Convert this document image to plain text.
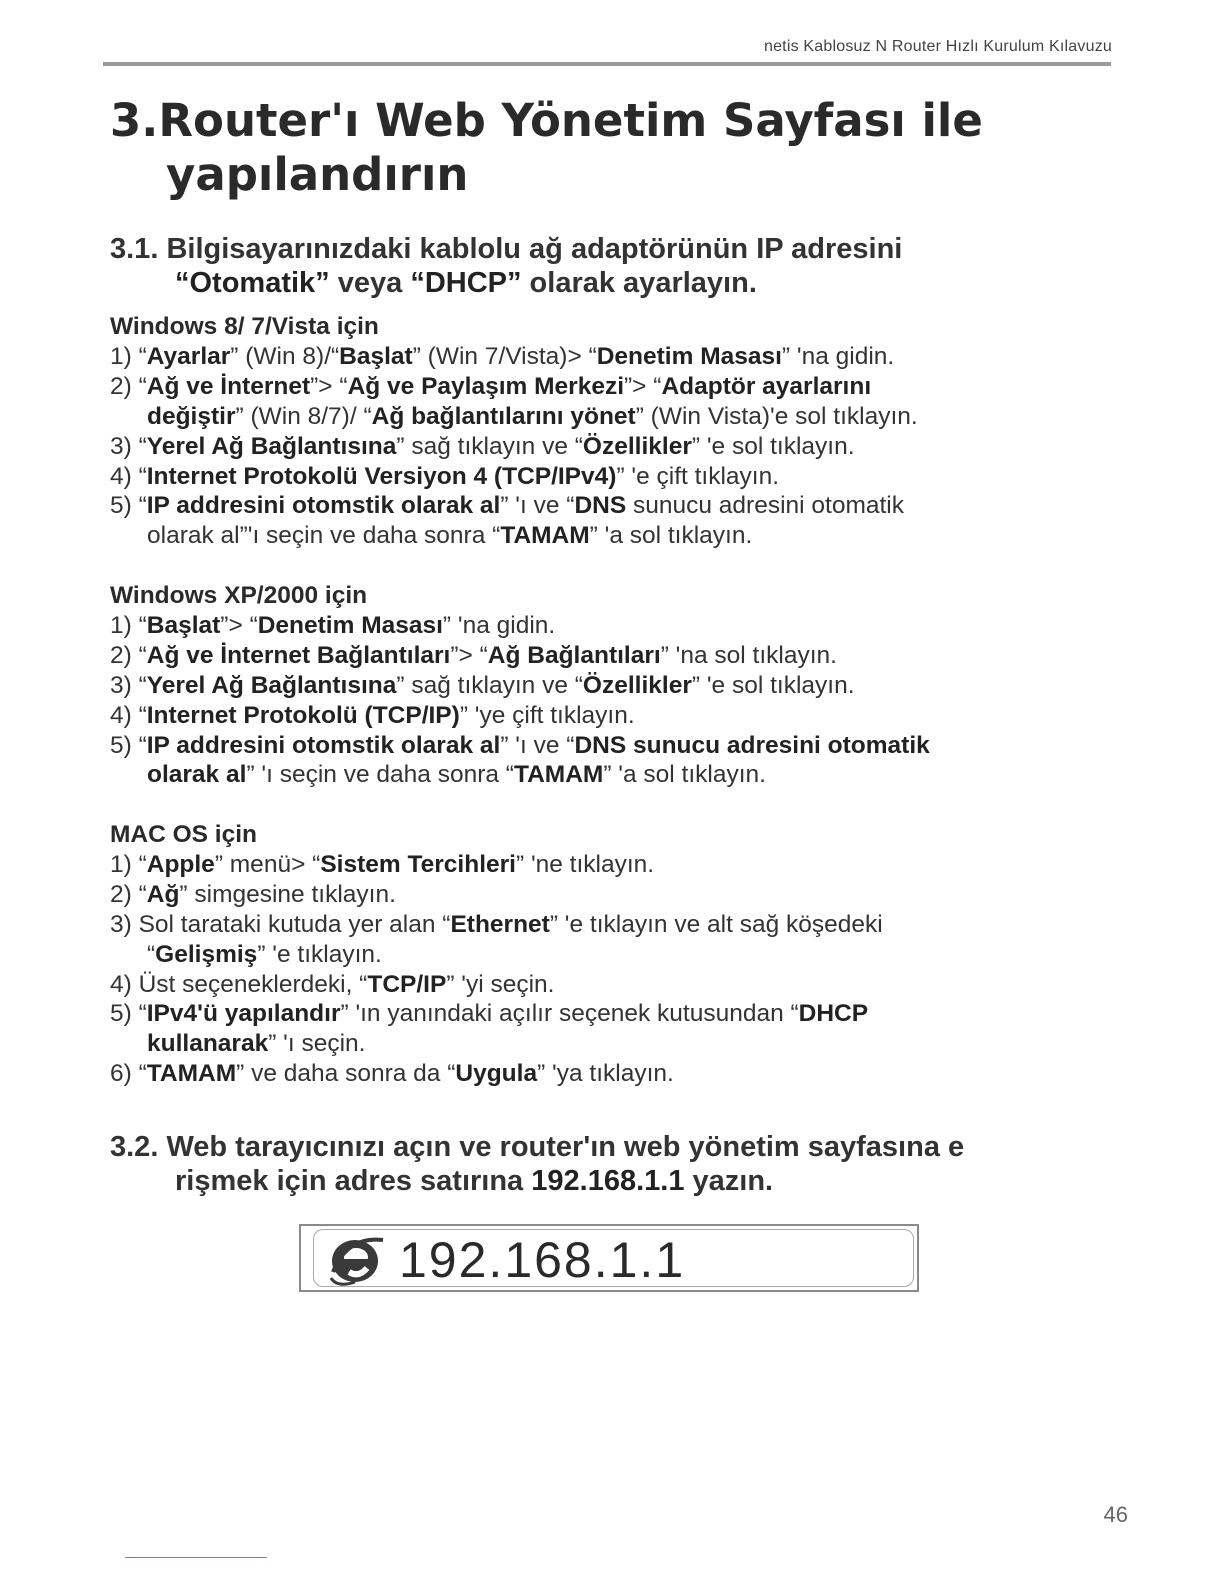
netis Kablosuz N Router Hızlı Kurulum Kılavuzu
3.Router'ı Web Yönetim Sayfası ile
yapılandırın
3.1. Bilgisayarınızdaki kablolu ağ adaptörünün IP adresini
“Otomatik” veya “DHCP” olarak ayarlayın.
Windows 8/ 7/Vista için
1) “Ayarlar” (Win 8)/“Başlat” (Win 7/Vista)> “Denetim Masası” 'na gidin.
2) “Ağ ve İnternet”> “Ağ ve Paylaşım Merkezi”> “Adaptör ayarlarını
değiştir” (Win 8/7)/ “Ağ bağlantılarını yönet” (Win Vista)'e sol tıklayın.
3) “Yerel Ağ Bağlantısına” sağ tıklayın ve “Özellikler” 'e sol tıklayın.
4) “Internet Protokolü Versiyon 4 (TCP/IPv4)” 'e çift tıklayın.
5) “IP addresini otomstik olarak al” 'ı ve “DNS sunucu adresini otomatik
olarak al”'ı seçin ve daha sonra “TAMAM” 'a sol tıklayın.
Windows XP/2000 için
1) “Başlat”> “Denetim Masası” 'na gidin.
2) “Ağ ve İnternet Bağlantıları”> “Ağ Bağlantıları” 'na sol tıklayın.
3) “Yerel Ağ Bağlantısına” sağ tıklayın ve “Özellikler” 'e sol tıklayın.
4) “Internet Protokolü (TCP/IP)” 'ye çift tıklayın.
5) “IP addresini otomstik olarak al” 'ı ve “DNS sunucu adresini otomatik
olarak al” 'ı seçin ve daha sonra “TAMAM” 'a sol tıklayın.
MAC OS için
1) “Apple” menü> “Sistem Tercihleri” 'ne tıklayın.
2) “Ağ” simgesine tıklayın.
3) Sol tarataki kutuda yer alan “Ethernet” 'e tıklayın ve alt sağ köşedeki
“Gelişmiş” 'e tıklayın.
4) Üst seçeneklerdeki, “TCP/IP” 'yi seçin.
5) “IPv4'ü yapılandır” 'ın yanındaki açılır seçenek kutusundan “DHCP
kullanarak” 'ı seçin.
6) “TAMAM” ve daha sonra da “Uygula” 'ya tıklayın.
3.2. Web tarayıcınızı açın ve router'ın web yönetim sayfasına e
rişmek için adres satırına 192.168.1.1 yazın.
192.168.1.1
46
